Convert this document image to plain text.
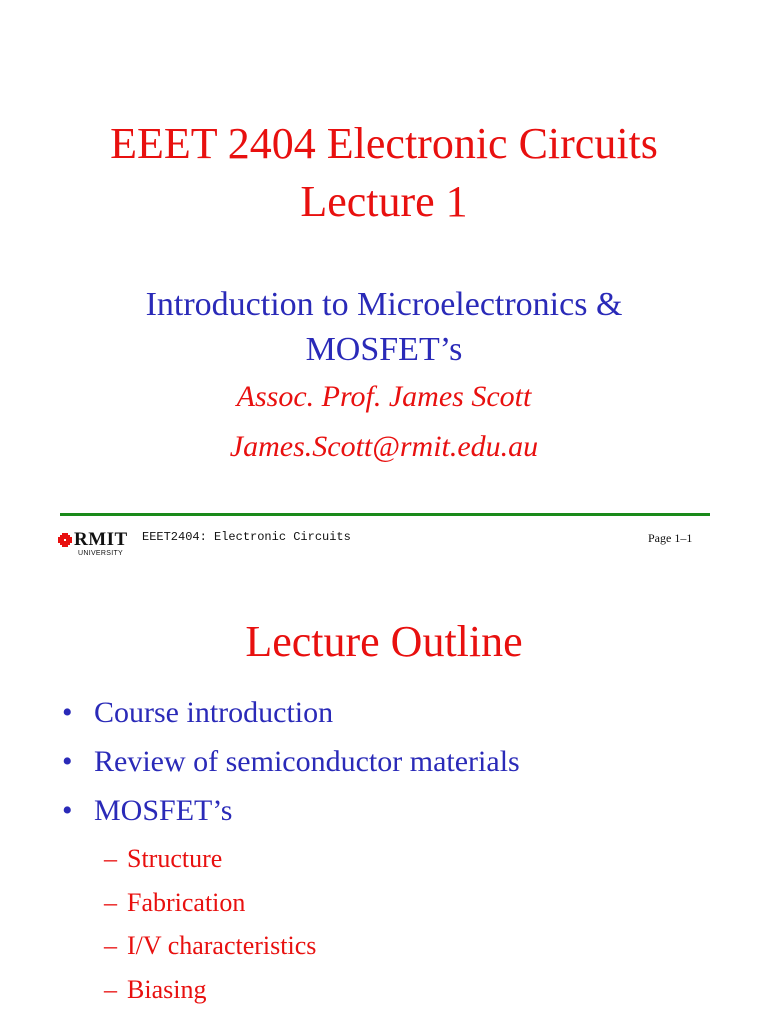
EEET 2404 Electronic Circuits
Lecture 1
Introduction to Microelectronics &
MOSFET’s
Assoc. Prof. James Scott
James.Scott@rmit.edu.au
RMIT
UNIVERSITY
EEET2404: Electronic Circuits	Page 1–1
Lecture Outline
• Course introduction
• Review of semiconductor materials
• MOSFET’s
– Structure
– Fabrication
– I/V characteristics
– Biasing
